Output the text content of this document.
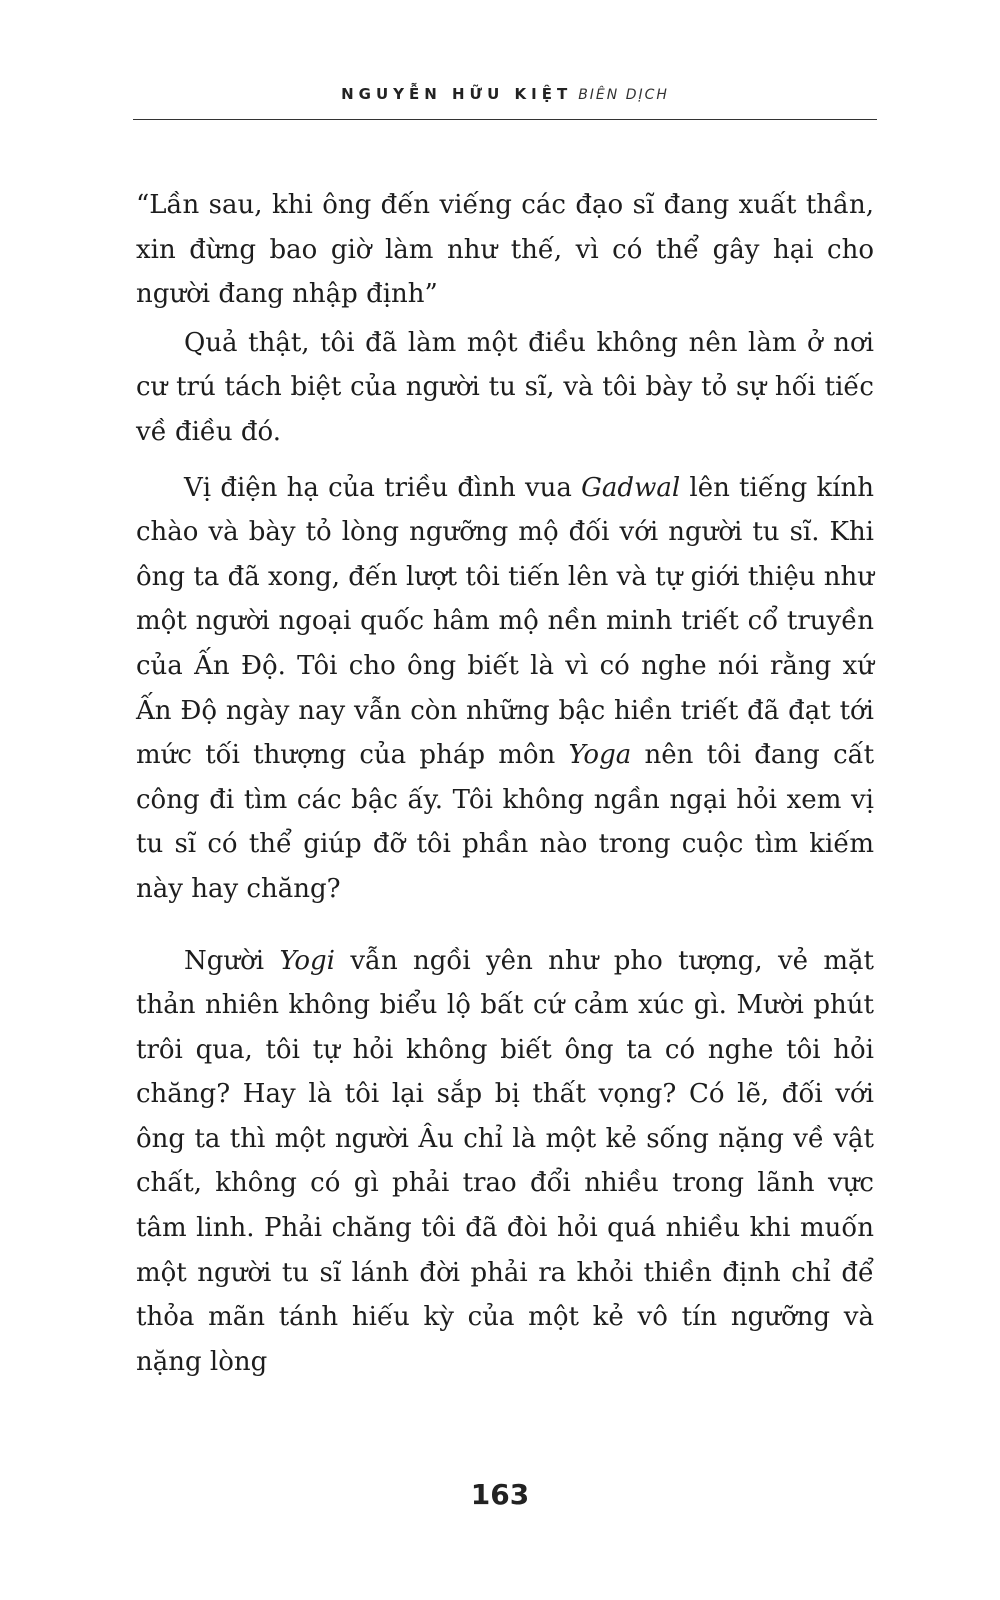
NGUYỄN HỮU KIỆT BIÊN DỊCH

“Lần sau, khi ông đến viếng các đạo sĩ đang xuất thần, xin đừng bao giờ làm như thế, vì có thể gây hại cho người đang nhập định”

Quả thật, tôi đã làm một điều không nên làm ở nơi cư trú tách biệt của người tu sĩ, và tôi bày tỏ sự hối tiếc về điều đó.

Vị điện hạ của triều đình vua Gadwal lên tiếng kính chào và bày tỏ lòng ngưỡng mộ đối với người tu sĩ. Khi ông ta đã xong, đến lượt tôi tiến lên và tự giới thiệu như một người ngoại quốc hâm mộ nền minh triết cổ truyền của Ấn Độ. Tôi cho ông biết là vì có nghe nói rằng xứ Ấn Độ ngày nay vẫn còn những bậc hiền triết đã đạt tới mức tối thượng của pháp môn Yoga nên tôi đang cất công đi tìm các bậc ấy. Tôi không ngần ngại hỏi xem vị tu sĩ có thể giúp đỡ tôi phần nào trong cuộc tìm kiếm này hay chăng?

Người Yogi vẫn ngồi yên như pho tượng, vẻ mặt thản nhiên không biểu lộ bất cứ cảm xúc gì. Mười phút trôi qua, tôi tự hỏi không biết ông ta có nghe tôi hỏi chăng? Hay là tôi lại sắp bị thất vọng? Có lẽ, đối với ông ta thì một người Âu chỉ là một kẻ sống nặng về vật chất, không có gì phải trao đổi nhiều trong lãnh vực tâm linh. Phải chăng tôi đã đòi hỏi quá nhiều khi muốn một người tu sĩ lánh đời phải ra khỏi thiền định chỉ để thỏa mãn tánh hiếu kỳ của một kẻ vô tín ngưỡng và nặng lòng

163
